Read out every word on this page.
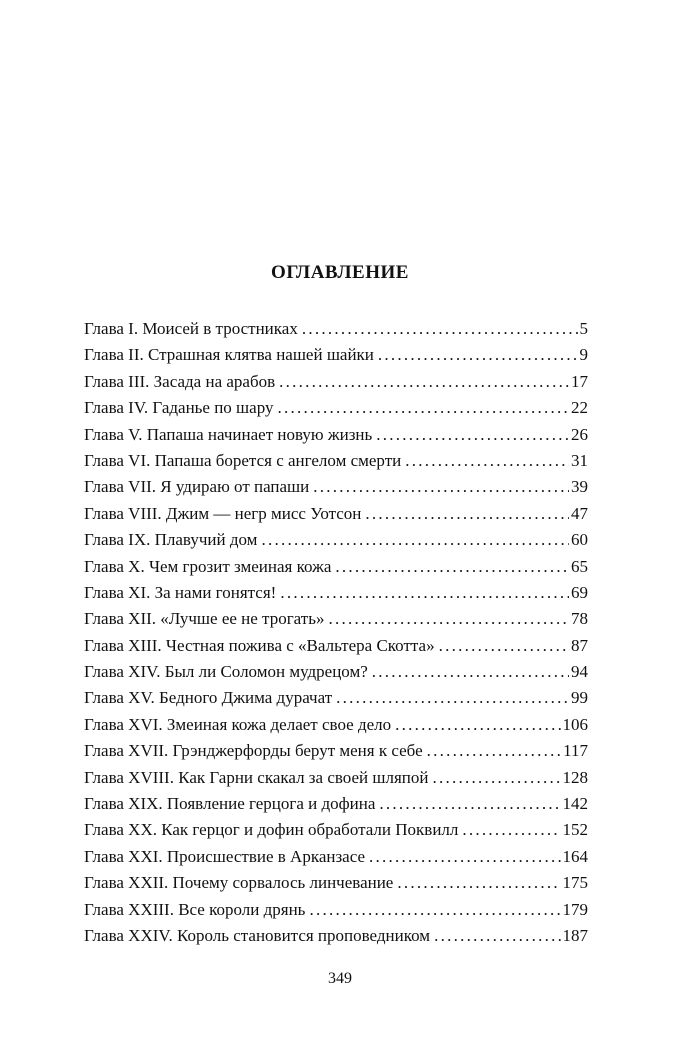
ОГЛАВЛЕНИЕ
Глава I. Моисей в тростниках . . .	5
Глава II. Страшная клятва нашей шайки . . .	9
Глава III. Засада на арабов . . .	17
Глава IV. Гаданье по шару . . .	22
Глава V. Папаша начинает новую жизнь . . .	26
Глава VI. Папаша борется с ангелом смерти . . .	31
Глава VII. Я удираю от папаши . . .	39
Глава VIII. Джим — негр мисс Уотсон . . .	47
Глава IX. Плавучий дом . . .	60
Глава X. Чем грозит змеиная кожа . . .	65
Глава XI. За нами гонятся! . . .	69
Глава XII. «Лучше ее не трогать» . . .	78
Глава XIII. Честная пожива с «Вальтера Скотта» . . .	87
Глава XIV. Был ли Соломон мудрецом? . . .	94
Глава XV. Бедного Джима дурачат . . .	99
Глава XVI. Змеиная кожа делает свое дело . . .	106
Глава XVII. Грэнджерфорды берут меня к себе . . .	117
Глава XVIII. Как Гарни скакал за своей шляпой . . .	128
Глава XIX. Появление герцога и дофина . . .	142
Глава XX. Как герцог и дофин обработали Поквилл . . .	152
Глава XXI. Происшествие в Арканзасе . . .	164
Глава XXII. Почему сорвалось линчевание . . .	175
Глава XXIII. Все короли дрянь . . .	179
Глава XXIV. Король становится проповедником . . .	187
349
